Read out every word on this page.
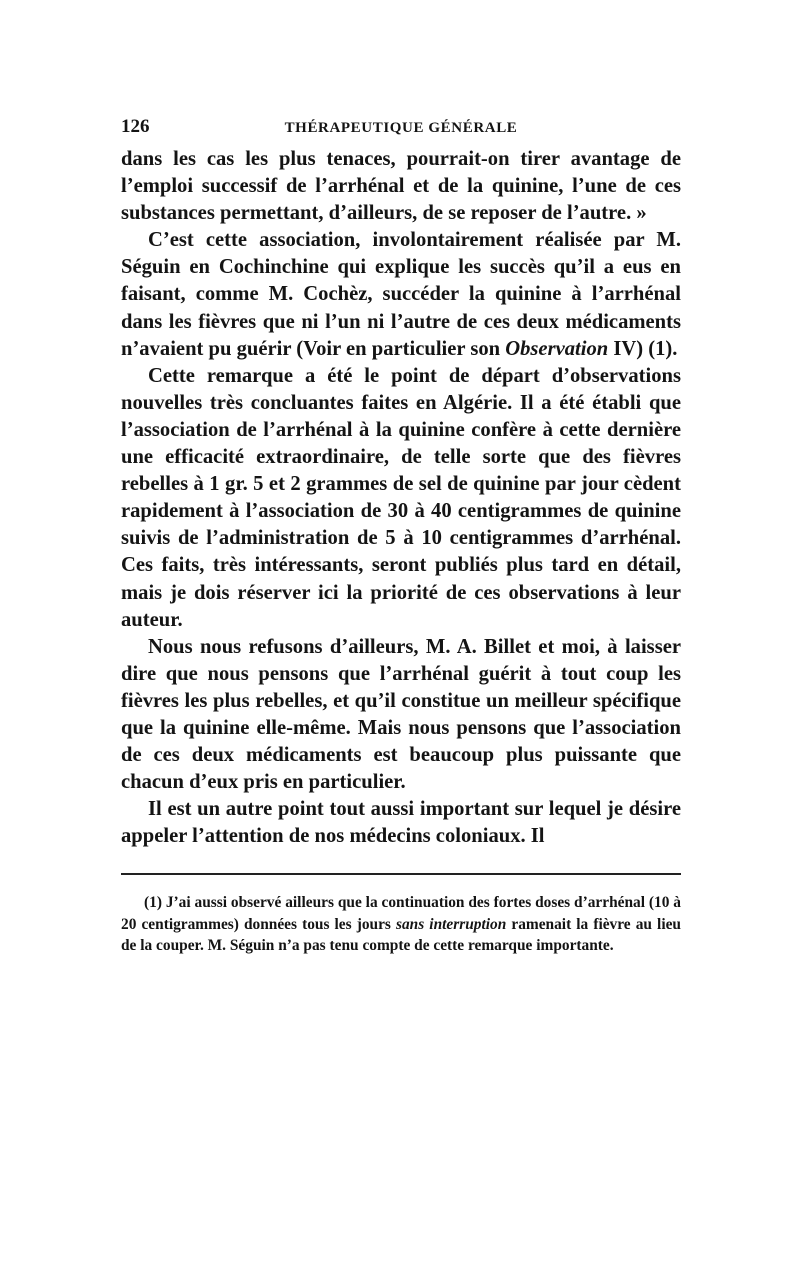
126	THÉRAPEUTIQUE GÉNÉRALE

dans les cas les plus tenaces, pourrait-on tirer avantage de l’emploi successif de l’arrhénal et de la quinine, l’une de ces substances permettant, d’ailleurs, de se reposer de l’autre. »

C’est cette association, involontairement réalisée par M. Séguin en Cochinchine qui explique les succès qu’il a eus en faisant, comme M. Cochèz, succéder la quinine à l’arrhénal dans les fièvres que ni l’un ni l’autre de ces deux médicaments n’avaient pu guérir (Voir en particulier son Observation IV) (1).

Cette remarque a été le point de départ d’observations nouvelles très concluantes faites en Algérie. Il a été établi que l’association de l’arrhénal à la quinine confère à cette dernière une efficacité extraordinaire, de telle sorte que des fièvres rebelles à 1 gr. 5 et 2 grammes de sel de quinine par jour cèdent rapidement à l’association de 30 à 40 centigrammes de quinine suivis de l’administration de 5 à 10 centigrammes d’arrhénal. Ces faits, très intéressants, seront publiés plus tard en détail, mais je dois réserver ici la priorité de ces observations à leur auteur.

Nous nous refusons d’ailleurs, M. A. Billet et moi, à laisser dire que nous pensons que l’arrhénal guérit à tout coup les fièvres les plus rebelles, et qu’il constitue un meilleur spécifique que la quinine elle-même. Mais nous pensons que l’association de ces deux médicaments est beaucoup plus puissante que chacun d’eux pris en particulier.

Il est un autre point tout aussi important sur lequel je désire appeler l’attention de nos médecins coloniaux. Il

(1) J’ai aussi observé ailleurs que la continuation des fortes doses d’arrhénal (10 à 20 centigrammes) données tous les jours sans interruption ramenait la fièvre au lieu de la couper. M. Séguin n’a pas tenu compte de cette remarque importante.
